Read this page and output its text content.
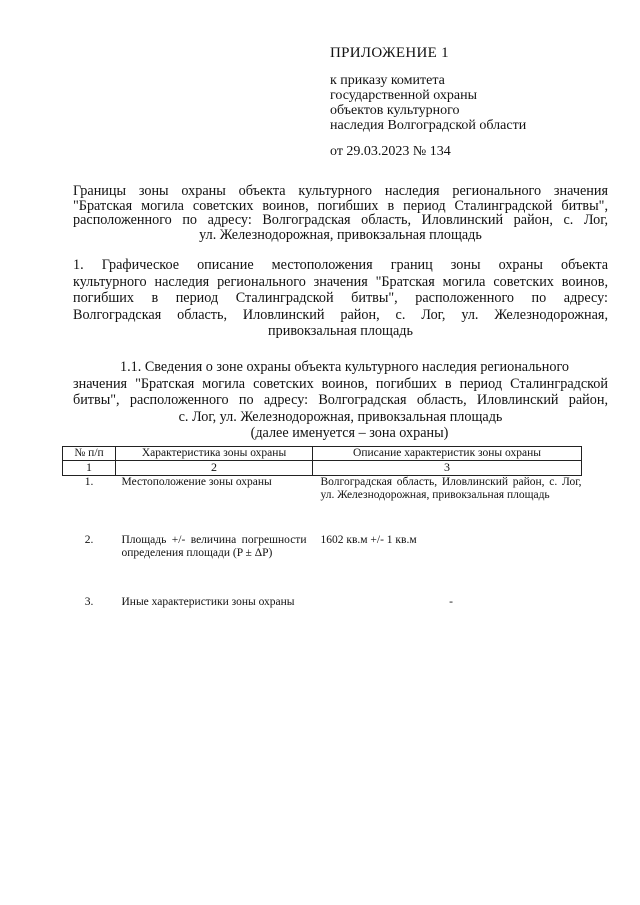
ПРИЛОЖЕНИЕ 1
к приказу комитета
государственной охраны
объектов культурного
наследия Волгоградской области
от 29.03.2023 № 134
Границы зоны охраны объекта культурного наследия регионального значения
"Братская могила советских воинов, погибших в период Сталинградской битвы",
расположенного по адресу: Волгоградская область, Иловлинский район, с. Лог,
ул. Железнодорожная, привокзальная площадь
1. Графическое описание местоположения границ зоны охраны объекта
культурного наследия регионального значения "Братская могила советских воинов,
погибших в период Сталинградской битвы", расположенного по адресу:
Волгоградская область, Иловлинский район, с. Лог, ул. Железнодорожная,
привокзальная площадь
1.1. Сведения о зоне охраны объекта культурного наследия регионального
значения "Братская могила советских воинов, погибших в период Сталинградской
битвы", расположенного по адресу: Волгоградская область, Иловлинский район,
с. Лог, ул. Железнодорожная, привокзальная площадь
(далее именуется – зона охраны)
№ п/п	Характеристика зоны охраны	Описание характеристик зоны охраны
1	2	3
1.	Местоположение зоны охраны	Волгоградская область, Иловлинский район, с. Лог, ул. Железнодорожная, привокзальная площадь
2.	Площадь +/- величина погрешности определения площади (P ± ΔP)	1602 кв.м +/- 1 кв.м
3.	Иные характеристики зоны охраны	-
